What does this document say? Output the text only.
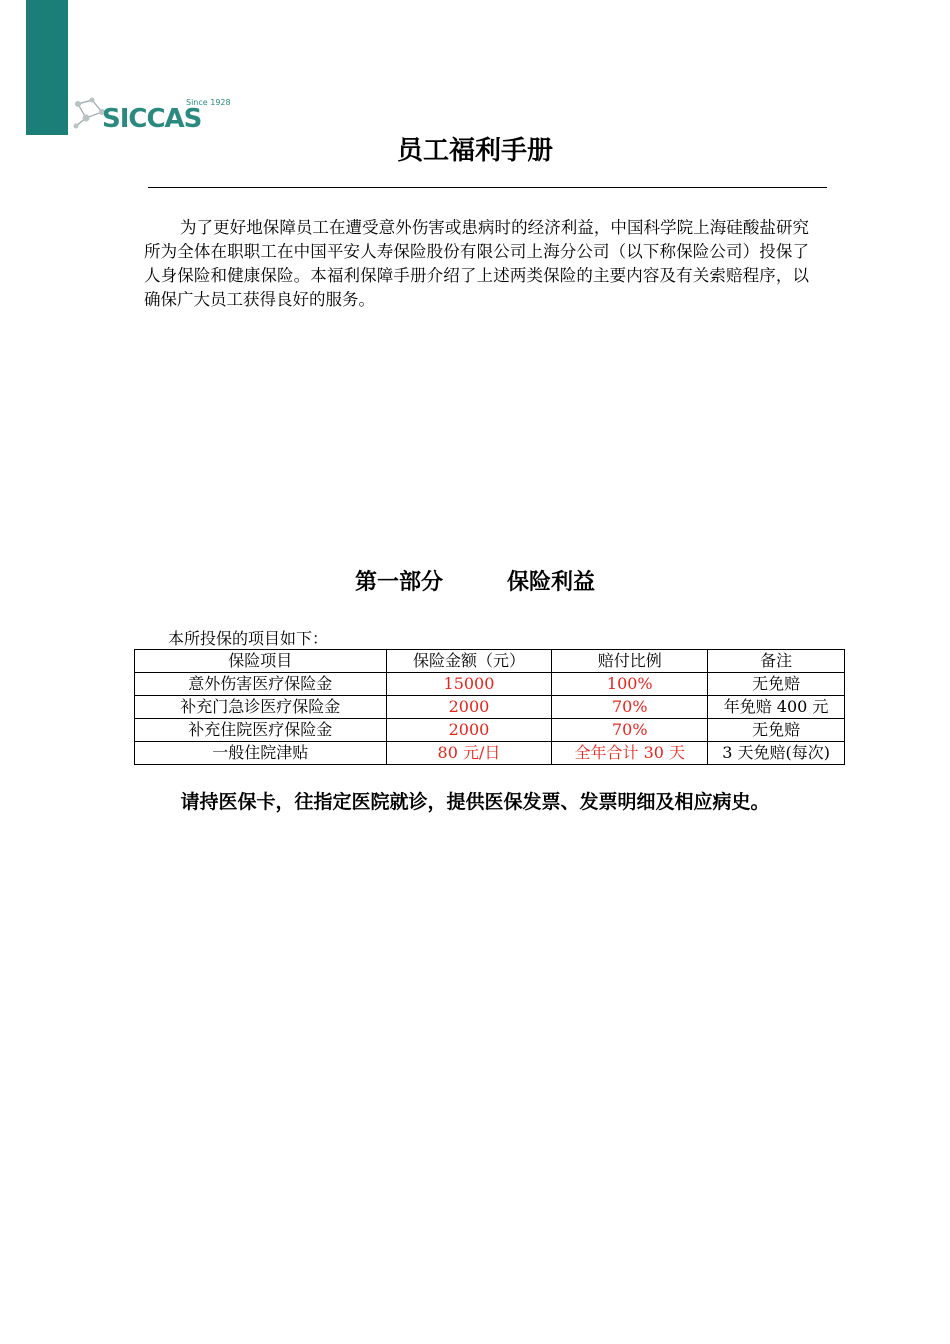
Since 1928
SICCAS
员工福利手册

为了更好地保障员工在遭受意外伤害或患病时的经济利益，中国科学院上海硅酸盐研究所为全体在职职工在中国平安人寿保险股份有限公司上海分公司（以下称保险公司）投保了人身保险和健康保险。本福利保障手册介绍了上述两类保险的主要内容及有关索赔程序，以确保广大员工获得良好的服务。

第一部分	保险利益
本所投保的项目如下：
保险项目	保险金额（元）	赔付比例	备注
意外伤害医疗保险金	15000	100%	无免赔
补充门急诊医疗保险金	2000	70%	年免赔 400 元
补充住院医疗保险金	2000	70%	无免赔
一般住院津贴	80 元/日	全年合计 30 天	3 天免赔(每次)

请持医保卡，往指定医院就诊，提供医保发票、发票明细及相应病史。
